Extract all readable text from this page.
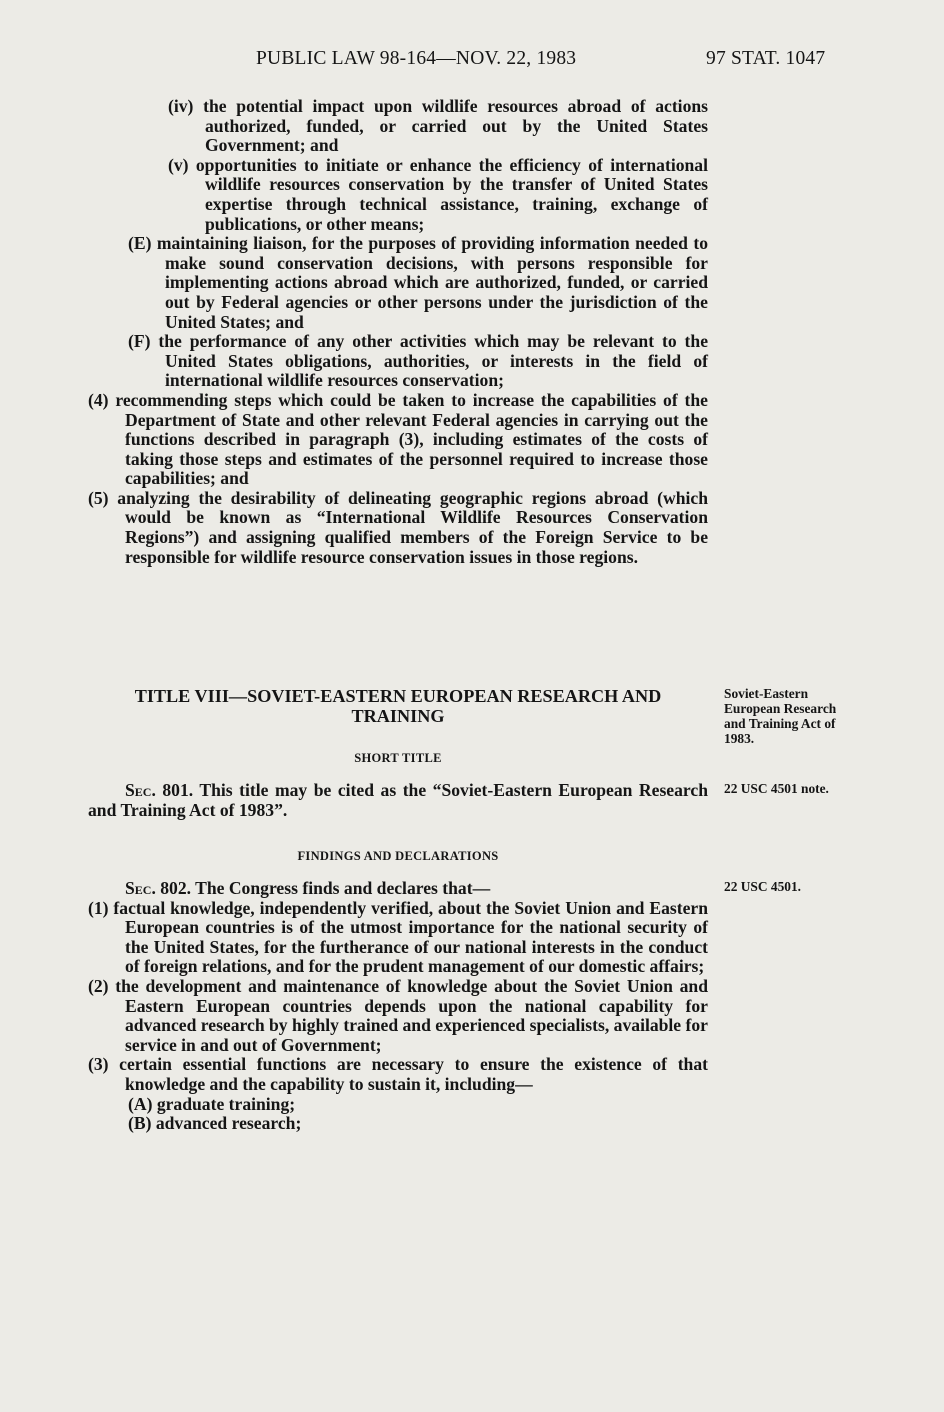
PUBLIC LAW 98-164—NOV. 22, 1983	97 STAT. 1047

(iv) the potential impact upon wildlife resources abroad of actions authorized, funded, or carried out by the United States Government; and

(v) opportunities to initiate or enhance the efficiency of international wildlife resources conservation by the transfer of United States expertise through technical assistance, training, exchange of publications, or other means;

(E) maintaining liaison, for the purposes of providing information needed to make sound conservation decisions, with persons responsible for implementing actions abroad which are authorized, funded, or carried out by Federal agencies or other persons under the jurisdiction of the United States; and

(F) the performance of any other activities which may be relevant to the United States obligations, authorities, or interests in the field of international wildlife resources conservation;

(4) recommending steps which could be taken to increase the capabilities of the Department of State and other relevant Federal agencies in carrying out the functions described in paragraph (3), including estimates of the costs of taking those steps and estimates of the personnel required to increase those capabilities; and

(5) analyzing the desirability of delineating geographic regions abroad (which would be known as “International Wildlife Resources Conservation Regions”) and assigning qualified members of the Foreign Service to be responsible for wildlife resource conservation issues in those regions.

TITLE VIII—SOVIET-EASTERN EUROPEAN RESEARCH AND TRAINING
Soviet-Eastern European Research and Training Act of 1983.
SHORT TITLE

Sec. 801. This title may be cited as the “Soviet-Eastern European Research and Training Act of 1983”.

22 USC 4501 note.
FINDINGS AND DECLARATIONS

Sec. 802. The Congress finds and declares that—

(1) factual knowledge, independently verified, about the Soviet Union and Eastern European countries is of the utmost importance for the national security of the United States, for the furtherance of our national interests in the conduct of foreign relations, and for the prudent management of our domestic affairs;

(2) the development and maintenance of knowledge about the Soviet Union and Eastern European countries depends upon the national capability for advanced research by highly trained and experienced specialists, available for service in and out of Government;

(3) certain essential functions are necessary to ensure the existence of that knowledge and the capability to sustain it, including—

(A) graduate training;

(B) advanced research;

22 USC 4501.
